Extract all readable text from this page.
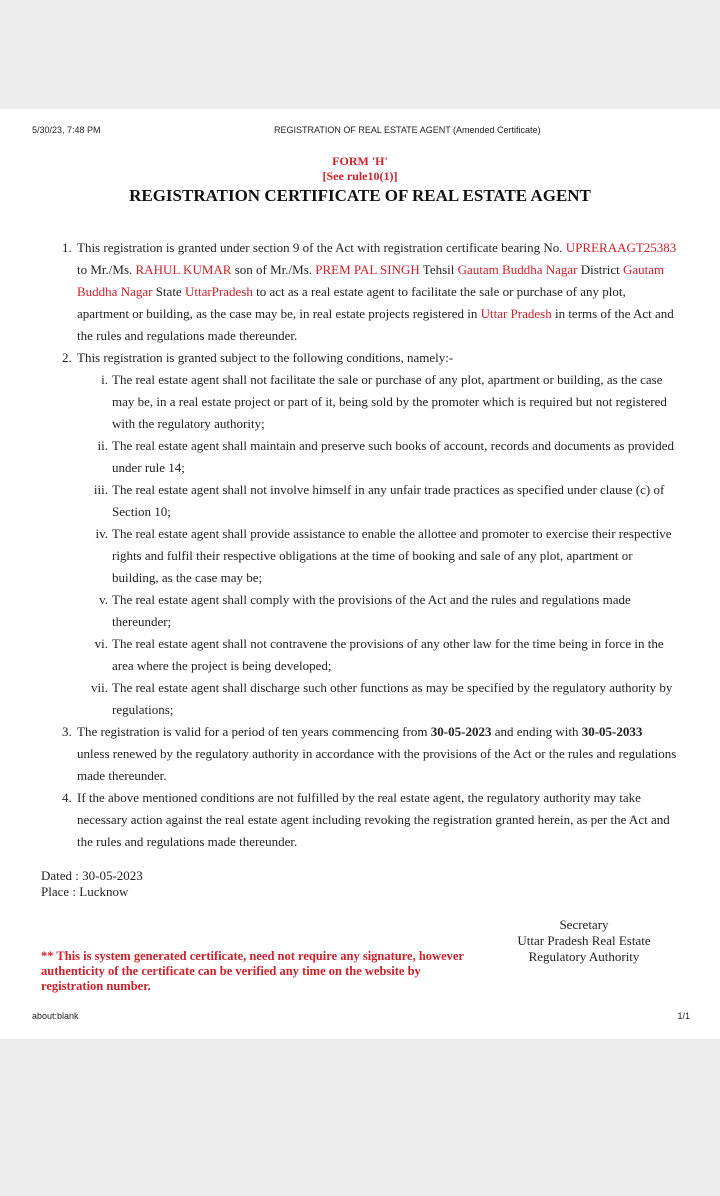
5/30/23, 7:48 PM	REGISTRATION OF REAL ESTATE AGENT (Amended Certificate)
FORM 'H'
[See rule10(1)]
REGISTRATION CERTIFICATE OF REAL ESTATE AGENT
1. This registration is granted under section 9 of the Act with registration certificate bearing No. UPRERAAGT25383 to Mr./Ms. RAHUL KUMAR son of Mr./Ms. PREM PAL SINGH Tehsil Gautam Buddha Nagar District Gautam Buddha Nagar State UttarPradesh to act as a real estate agent to facilitate the sale or purchase of any plot, apartment or building, as the case may be, in real estate projects registered in Uttar Pradesh in terms of the Act and the rules and regulations made thereunder.
2. This registration is granted subject to the following conditions, namely:-
i. The real estate agent shall not facilitate the sale or purchase of any plot, apartment or building, as the case may be, in a real estate project or part of it, being sold by the promoter which is required but not registered with the regulatory authority;
ii. The real estate agent shall maintain and preserve such books of account, records and documents as provided under rule 14;
iii. The real estate agent shall not involve himself in any unfair trade practices as specified under clause (c) of Section 10;
iv. The real estate agent shall provide assistance to enable the allottee and promoter to exercise their respective rights and fulfil their respective obligations at the time of booking and sale of any plot, apartment or building, as the case may be;
v. The real estate agent shall comply with the provisions of the Act and the rules and regulations made thereunder;
vi. The real estate agent shall not contravene the provisions of any other law for the time being in force in the area where the project is being developed;
vii. The real estate agent shall discharge such other functions as may be specified by the regulatory authority by regulations;
3. The registration is valid for a period of ten years commencing from 30-05-2023 and ending with 30-05-2033 unless renewed by the regulatory authority in accordance with the provisions of the Act or the rules and regulations made thereunder.
4. If the above mentioned conditions are not fulfilled by the real estate agent, the regulatory authority may take necessary action against the real estate agent including revoking the registration granted herein, as per the Act and the rules and regulations made thereunder.
Dated : 30-05-2023
Place : Lucknow
Secretary
Uttar Pradesh Real Estate
Regulatory Authority
** This is system generated certificate, need not require any signature, however authenticity of the certificate can be verified any time on the website by registration number.
about:blank	1/1
